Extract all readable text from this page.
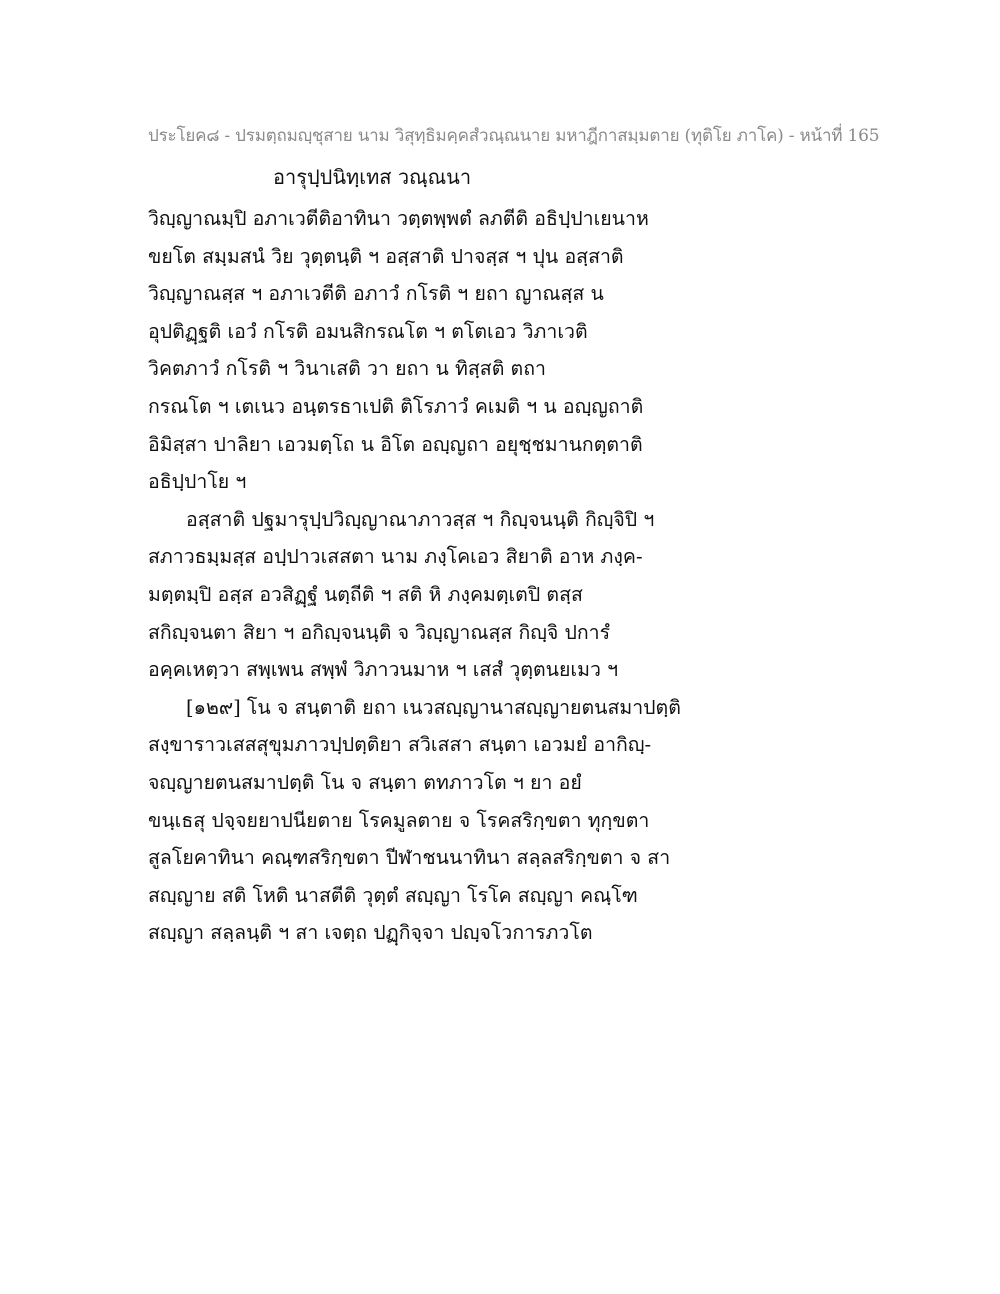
ประโยค๘ - ปรมตฺถมญฺชุสาย นาม วิสุทฺธิมคฺคสํวณฺณนาย มหาฎีกาสมฺมตาย (ทุติโย ภาโค) - หน้าที่ 165
อารุปฺปนิทฺเทส วณฺณนา
วิญฺญาณมฺปิ อภาเวตีติอาทินา วตฺตพฺพตํ ลภตีติ อธิปฺปาเยนาห
ขยโต สมฺมสนํ วิย วุตฺตนฺติ ฯ อสฺสาติ ปาจสฺส ฯ ปุน อสฺสาติ
วิญฺญาณสฺส ฯ อภาเวตีติ อภาวํ กโรติ ฯ ยถา ญาณสฺส น
อุปติฏฺฐติ เอวํ กโรติ อมนสิกรณโต ฯ ตโตเอว วิภาเวติ
วิคตภาวํ กโรติ ฯ วินาเสติ วา ยถา น ทิสฺสติ ตถา
กรณโต ฯ เตเนว อนฺตรธาเปติ ติโรภาวํ คเมติ ฯ น อญฺญถาติ
อิมิสฺสา ปาลิยา เอวมตฺโถ น อิโต อญฺญถา อยุชฺชมานกตฺตาติ
อธิปฺปาโย ฯ
อสฺสาติ ปฐมารุปฺปวิญฺญาณาภาวสฺส ฯ กิญฺจนนฺติ กิญฺจิปิ ฯ
สภาวธมฺมสฺส อปฺปาวเสสตา นาม ภงฺโคเอว สิยาติ อาห ภงฺค-
มตฺตมฺปิ อสฺส อวสิฏฺฐํ นตฺถีติ ฯ สติ หิ ภงฺคมตฺเตปิ ตสฺส
สกิญฺจนตา สิยา ฯ อกิญฺจนนฺติ จ วิญฺญาณสฺส กิญฺจิ ปการํ
อคฺคเหตฺวา สพฺเพน สพฺพํ วิภาวนมาห ฯ เสสํ วุตฺตนยเมว ฯ
[๑๒๙] โน จ สนฺตาติ ยถา เนวสญฺญานาสญฺญายตนสมาปตฺติ
สงฺขาราวเสสสุขุมภาวปฺปตฺติยา สวิเสสา สนฺตา เอวมยํ อากิญฺ-
จญฺญายตนสมาปตฺติ โน จ สนฺตา ตทภาวโต ฯ ยา อยํ
ขนฺเธสุ ปจฺจยยาปนียตาย โรคมูลตาย จ โรคสริกฺขตา ทุกฺขตา
สูลโยคาทินา คณฺฑสริกฺขตา ปีฬาชนนาทินา สลฺลสริกฺขตา จ สา
สญฺญาย สติ โหติ นาสตีติ วุตฺตํ สญฺญา โรโค สญฺญา คณฺโฑ
สญฺญา สลฺลนฺติ ฯ สา เจตฺถ ปฏฺกิจฺจา ปญฺจโวการภวโต
